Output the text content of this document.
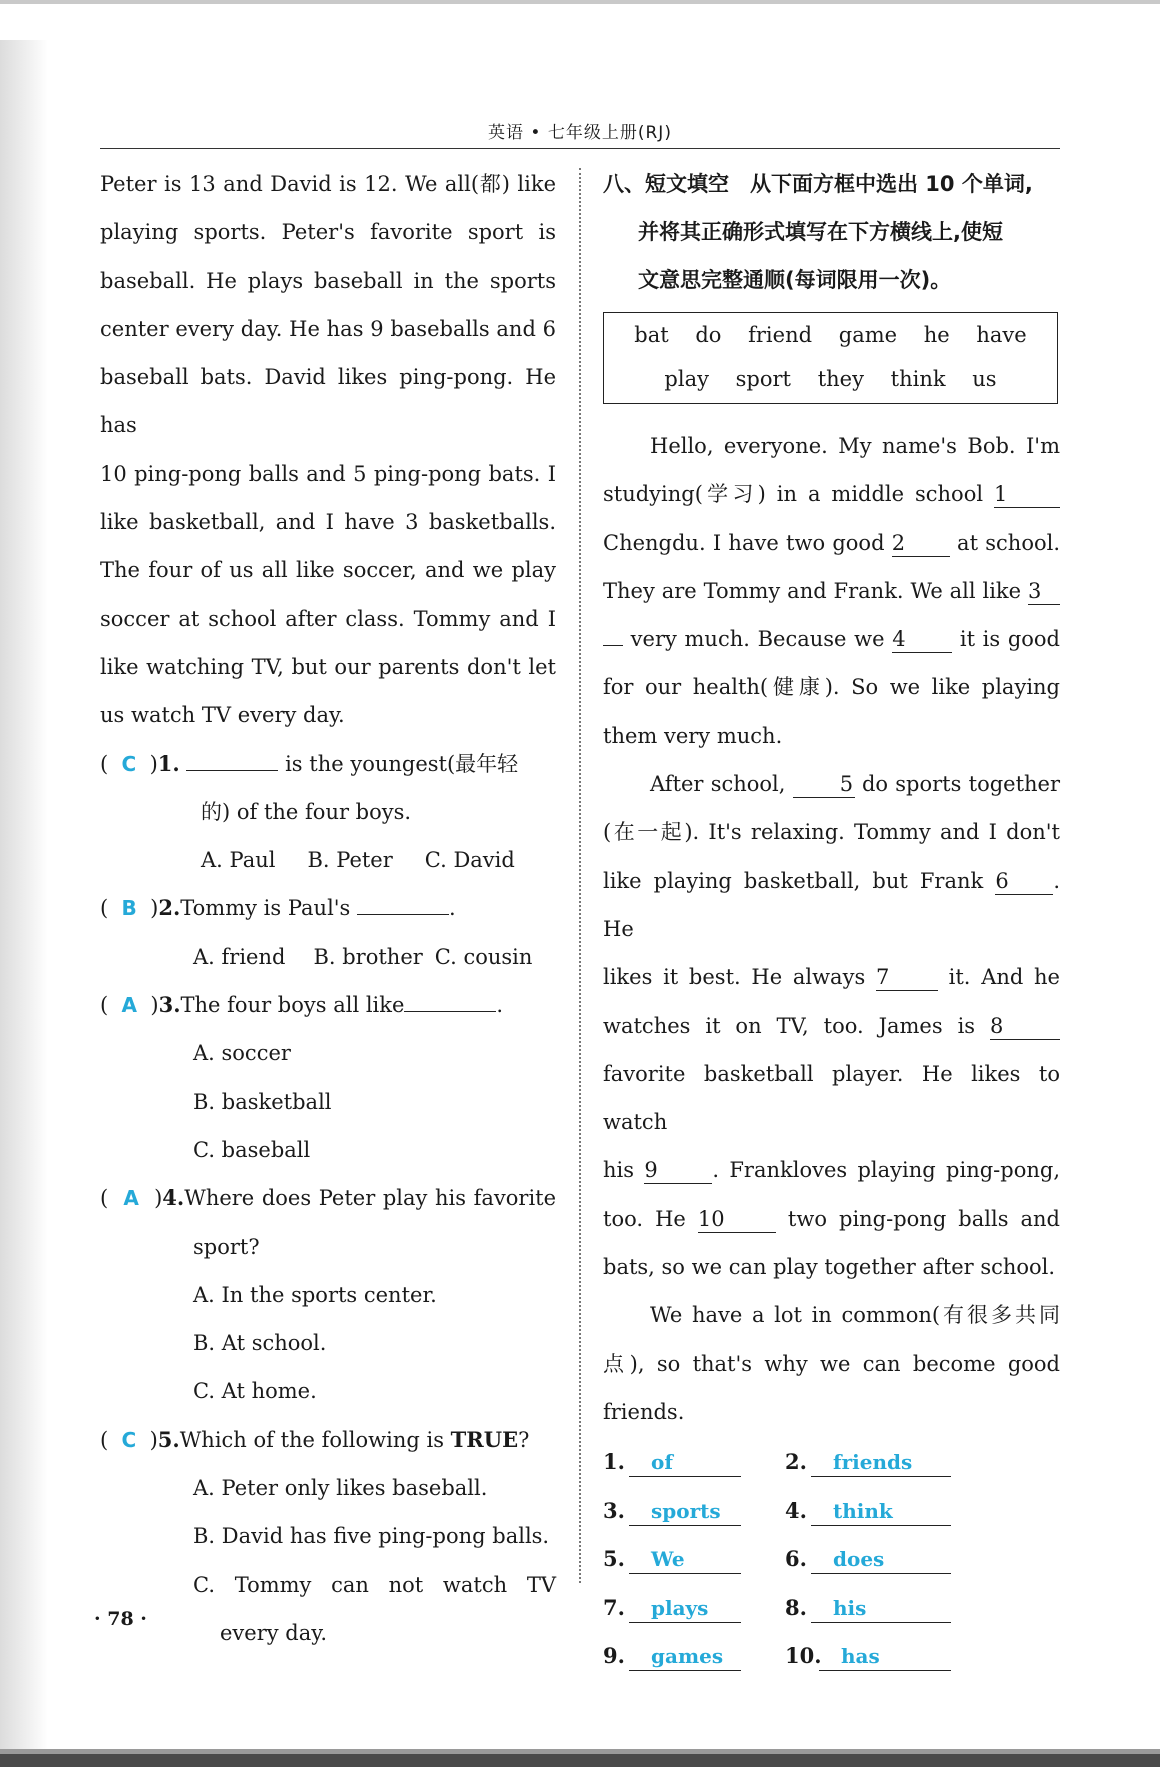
英语 • 七年级上册(RJ)
Peter is 13 and David is 12. We all(都) like
playing sports. Peter's favorite sport is
baseball. He plays baseball in the sports
center every day. He has 9 baseballs and 6
baseball bats. David likes ping-pong. He has
10 ping-pong balls and 5 ping-pong bats. I
like basketball, and I have 3 basketballs.
The four of us all like soccer, and we play
soccer at school after class. Tommy and I
like watching TV, but our parents don't let
us watch TV every day.
(  C  )1.	is the youngest(最年轻
的) of the four boys.
A. Paul B. Peter C. David
(  B  )2.Tommy is Paul's	.
A. friend B. brother C. cousin
(  A  )3.The four boys all like	.
A. soccer
B. basketball
C. baseball
(  A  )4.Where does Peter play his favorite
sport?
A. In the sports center.
B. At school.
C. At home.
(  C  )5.Which of the following is TRUE?
A. Peter only likes baseball.
B. David has five ping-pong balls.
C. Tommy can not watch TV
every day.
八、短文填空　从下面方框中选出 10 个单词,
并将其正确形式填写在下方横线上,使短
文意思完整通顺(每词限用一次)。
bat do friend game he have
play sport they think us
Hello, everyone. My name's Bob. I'm
studying(学习) in a middle school 1
Chengdu. I have two good 2 at school.
They are Tommy and Frank. We all like 3
very much. Because we 4	it is good
for our health(健康). So we like playing
them very much.
After school,	5 do sports together
(在一起). It's relaxing. Tommy and I don't
like playing basketball, but Frank 6 . He
likes it best. He always 7	it. And he
watches it on TV, too. James is 8
favorite basketball player. He likes to watch
his 9	. Frankloves playing ping-pong,
too. He 10	two ping-pong balls and
bats, so we can play together after school.
We have a lot in common(有很多共同
点), so that's why we can become good
friends.
1. of	2. friends
3. sports	4. think
5. We	6. does
7. plays	8. his
9. games	10. has
· 78 ·
